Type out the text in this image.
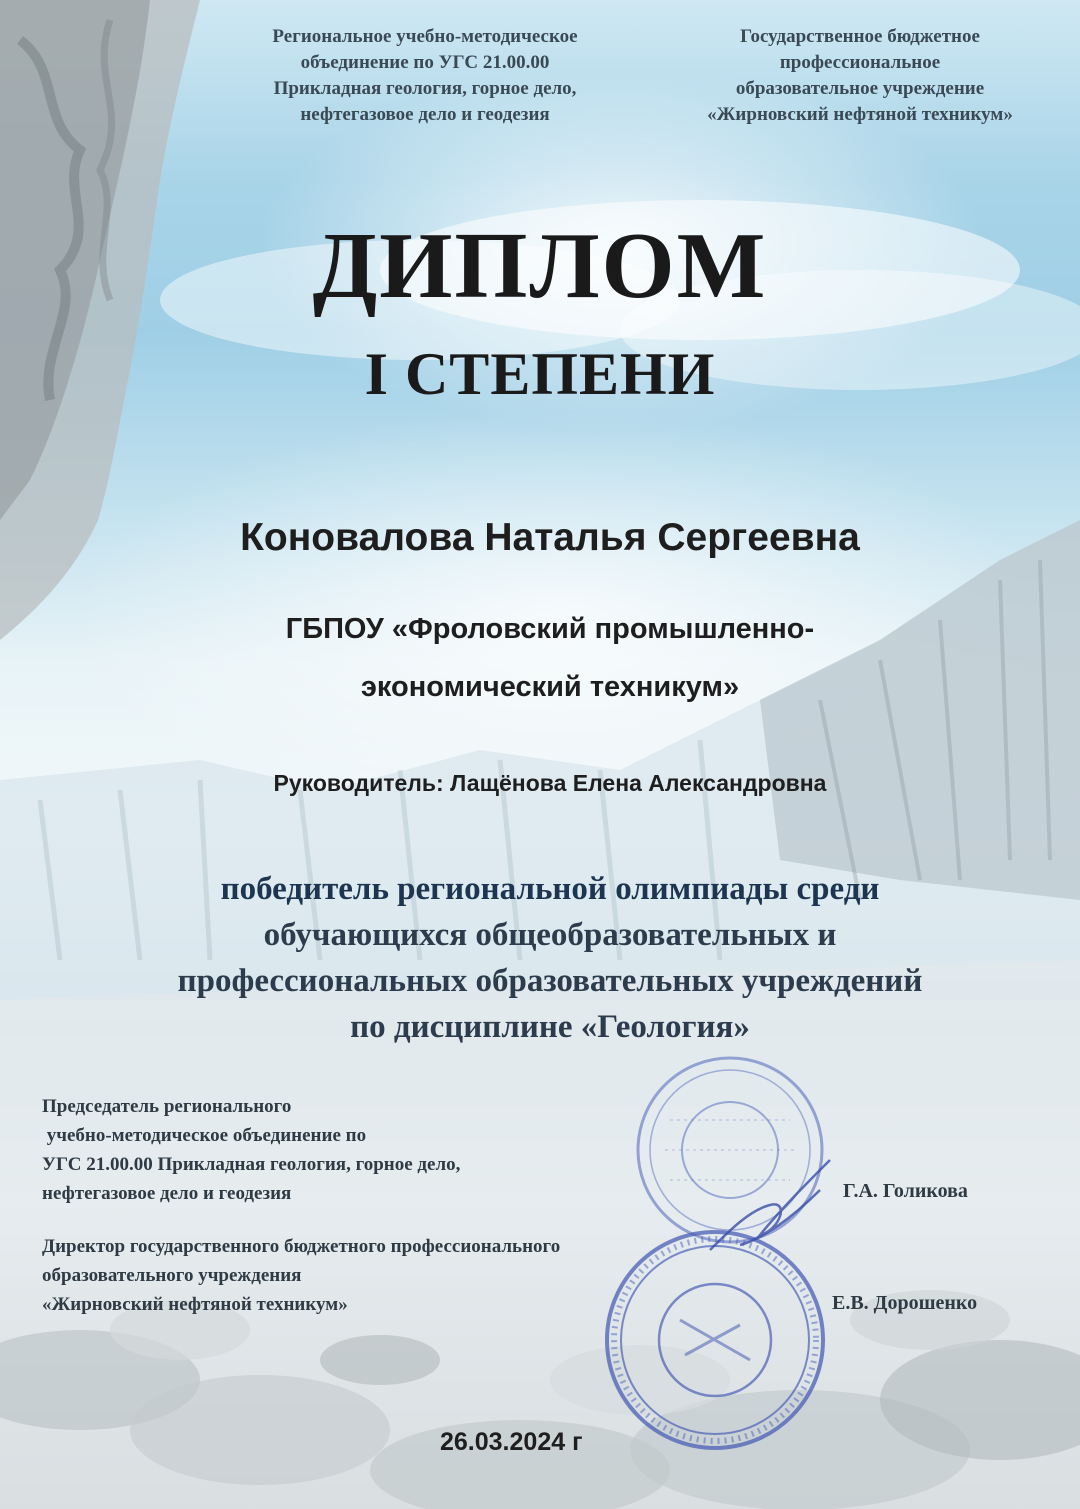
Региональное учебно-методическое
объединение по УГС 21.00.00
Прикладная геология, горное дело,
нефтегазовое дело и геодезия
Государственное бюджетное
профессиональное
образовательное учреждение
«Жирновский нефтяной техникум»
ДИПЛОМ
I СТЕПЕНИ
Коновалова Наталья Сергеевна
ГБПОУ «Фроловский промышленно-
экономический техникум»
Руководитель: Лащёнова Елена Александровна
победитель региональной олимпиады среди
обучающихся общеобразовательных и
профессиональных образовательных учреждений
по дисциплине «Геология»
Председатель регионального
учебно-методическое объединение по
УГС 21.00.00 Прикладная геология, горное дело,
нефтегазовое дело и геодезия	Г.А. Голикова
Директор государственного бюджетного профессионального
образовательного учреждения
«Жирновский нефтяной техникум»	Е.В. Дорошенко
26.03.2024 г
